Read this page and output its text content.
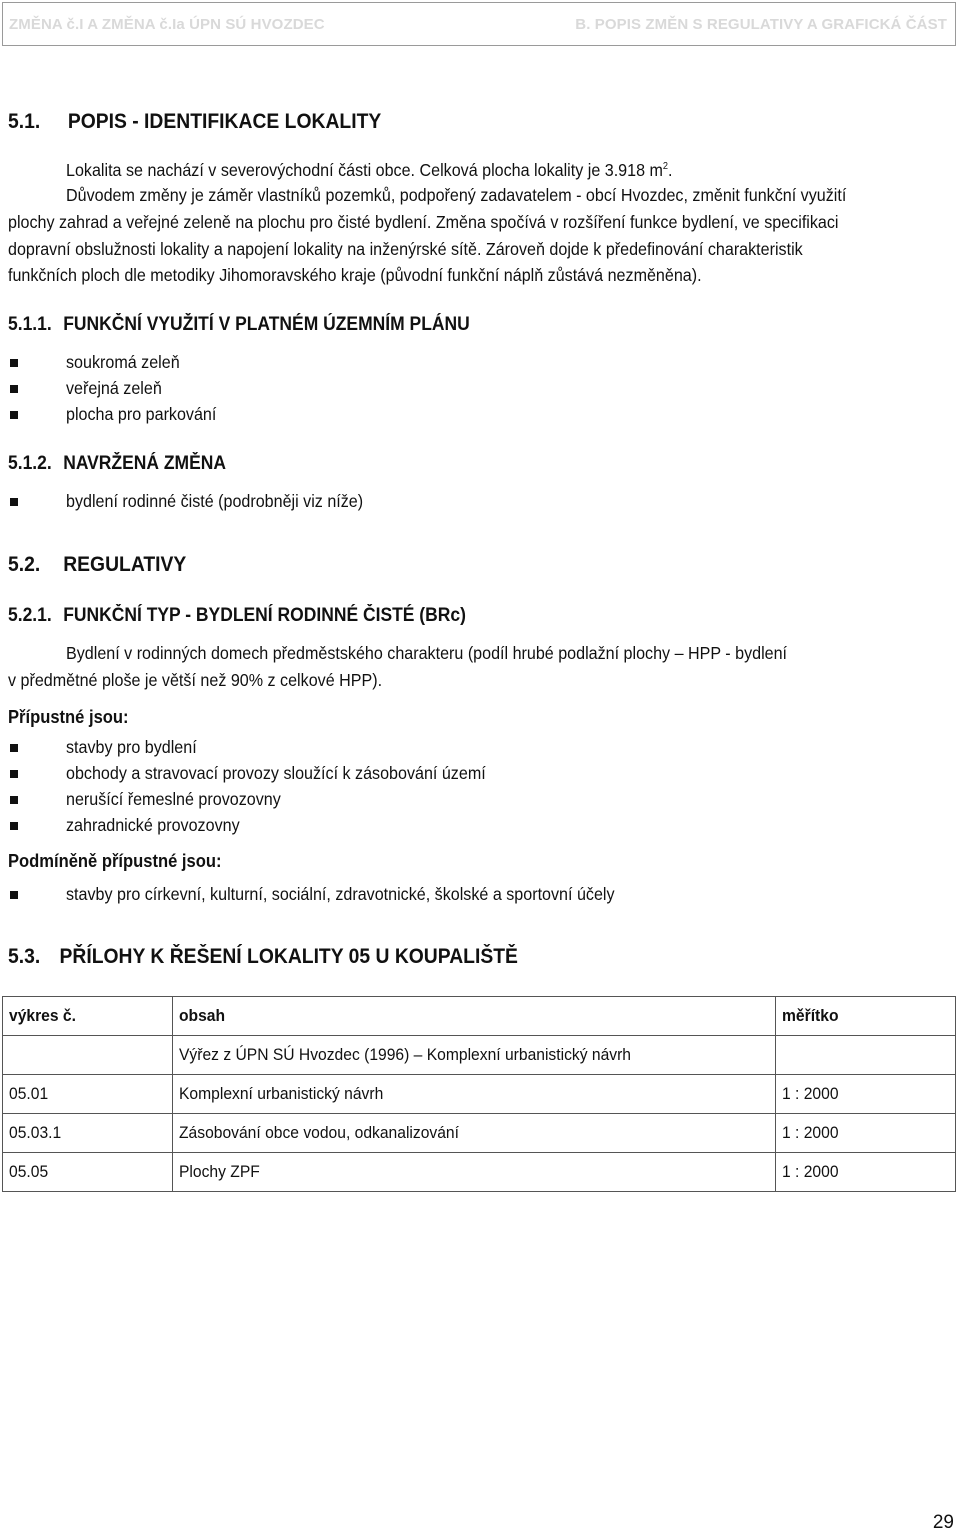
ZMĚNA č.I A ZMĚNA č.Ia ÚPN SÚ HVOZDEC	B. POPIS ZMĚN S REGULATIVY A GRAFICKÁ ČÁST
5.1. POPIS - IDENTIFIKACE LOKALITY
Lokalita se nachází v severovýchodní části obce. Celková plocha lokality je 3.918 $m^2$.
Důvodem změny je záměr vlastníků pozemků, podpořený zadavatelem - obcí Hvozdec, změnit funkční využití
plochy zahrad a veřejné zeleně na plochu pro čisté bydlení. Změna spočívá v rozšíření funkce bydlení, ve specifikaci
dopravní obslužnosti lokality a napojení lokality na inženýrské sítě. Zároveň dojde k předefinování charakteristik
funkčních ploch dle metodiky Jihomoravského kraje (původní funkční náplň zůstává nezměněna).
5.1.1. FUNKČNÍ VYUŽITÍ V PLATNÉM ÚZEMNÍM PLÁNU
soukromá zeleň
veřejná zeleň
plocha pro parkování
5.1.2. NAVRŽENÁ ZMĚNA
bydlení rodinné čisté (podrobněji viz níže)
5.2. REGULATIVY
5.2.1. FUNKČNÍ TYP - BYDLENÍ RODINNÉ ČISTÉ (BRc)
Bydlení v rodinných domech předměstského charakteru (podíl hrubé podlažní plochy – HPP - bydlení
v předmětné ploše je větší než 90% z celkové HPP).
Přípustné jsou:
stavby pro bydlení
obchody a stravovací provozy sloužící k zásobování území
nerušící řemeslné provozovny
zahradnické provozovny
Podmíněně přípustné jsou:
stavby pro církevní, kulturní, sociální, zdravotnické, školské a sportovní účely
5.3. PŘÍLOHY K ŘEŠENÍ LOKALITY 05 U KOUPALIŠTĚ
výkres č.	obsah	měřítko
	Výřez z ÚPN SÚ Hvozdec (1996) – Komplexní urbanistický návrh	
05.01	Komplexní urbanistický návrh	1 : 2000
05.03.1	Zásobování obce vodou, odkanalizování	1 : 2000
05.05	Plochy ZPF	1 : 2000
29
